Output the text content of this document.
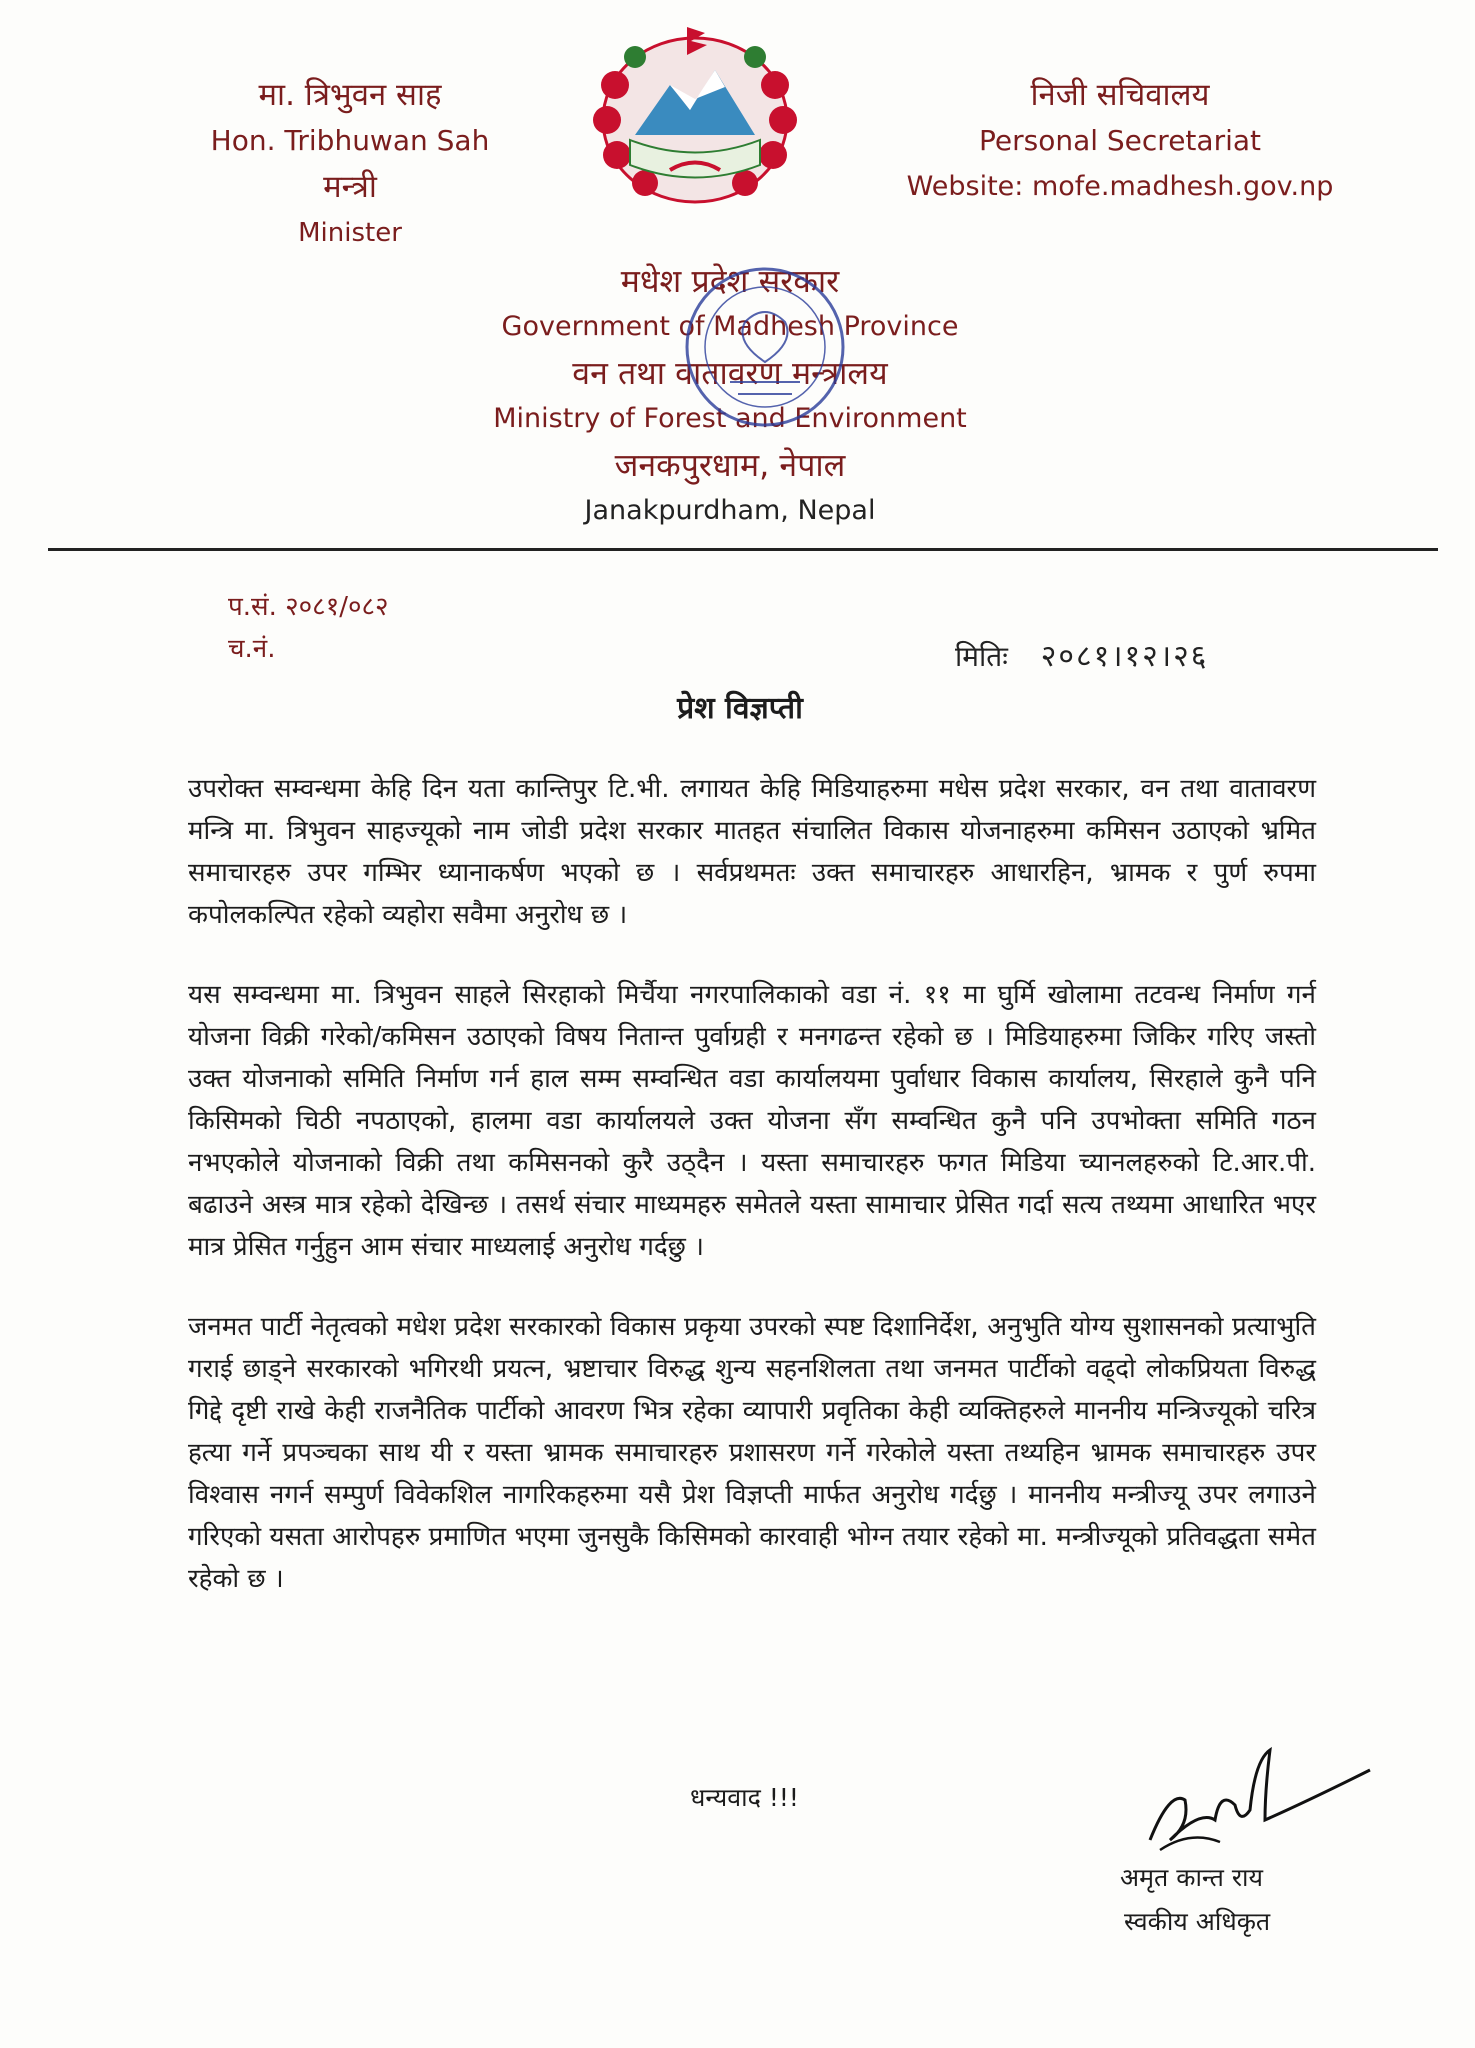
मा. त्रिभुवन साह
Hon. Tribhuwan Sah
मन्त्री
Minister
निजी सचिवालय
Personal Secretariat
Website: mofe.madhesh.gov.np
मधेश प्रदेश सरकार
Government of Madhesh Province
वन तथा वातावरण मन्त्रालय
Ministry of Forest and Environment
जनकपुरधाम, नेपाल
Janakpurdham, Nepal
प.सं. २०८१/०८२
च.नं.	मितिः २०८१।१२।२६
प्रेश विज्ञप्ती

उपरोक्त सम्वन्धमा केहि दिन यता कान्तिपुर टि.भी. लगायत केहि मिडियाहरुमा मधेस प्रदेश सरकार, वन तथा वातावरण मन्त्रि मा. त्रिभुवन साहज्यूको नाम जोडी प्रदेश सरकार मातहत संचालित विकास योजनाहरुमा कमिसन उठाएको भ्रमित समाचारहरु उपर गम्भिर ध्यानाकर्षण भएको छ । सर्वप्रथमतः उक्त समाचारहरु आधारहिन, भ्रामक र पुर्ण रुपमा कपोलकल्पित रहेको व्यहोरा सवैमा अनुरोध छ ।

यस सम्वन्धमा मा. त्रिभुवन साहले सिरहाको मिर्चैया नगरपालिकाको वडा नं. ११ मा घुर्मि खोलामा तटवन्ध निर्माण गर्न योजना विक्री गरेको/कमिसन उठाएको विषय नितान्त पुर्वाग्रही र मनगढन्त रहेको छ । मिडियाहरुमा जिकिर गरिए जस्तो उक्त योजनाको समिति निर्माण गर्न हाल सम्म सम्वन्धित वडा कार्यालयमा पुर्वाधार विकास कार्यालय, सिरहाले कुनै पनि किसिमको चिठी नपठाएको, हालमा वडा कार्यालयले उक्त योजना सँग सम्वन्धित कुनै पनि उपभोक्ता समिति गठन नभएकोले योजनाको विक्री तथा कमिसनको कुरै उठ्दैन । यस्ता समाचारहरु फगत मिडिया च्यानलहरुको टि.आर.पी. बढाउने अस्त्र मात्र रहेको देखिन्छ । तसर्थ संचार माध्यमहरु समेतले यस्ता सामाचार प्रेसित गर्दा सत्य तथ्यमा आधारित भएर मात्र प्रेसित गर्नुहुन आम संचार माध्यलाई अनुरोध गर्दछु ।

जनमत पार्टी नेतृत्वको मधेश प्रदेश सरकारको विकास प्रकृया उपरको स्पष्ट दिशानिर्देश, अनुभुति योग्य सुशासनको प्रत्याभुति गराई छाड्ने सरकारको भगिरथी प्रयत्न, भ्रष्टाचार विरुद्ध शुन्य सहनशिलता तथा जनमत पार्टीको वढ्दो लोकप्रियता विरुद्ध गिद्दे दृष्टी राखे केही राजनैतिक पार्टीको आवरण भित्र रहेका व्यापारी प्रवृतिका केही व्यक्तिहरुले माननीय मन्त्रिज्यूको चरित्र हत्या गर्ने प्रपञ्चका साथ यी र यस्ता भ्रामक समाचारहरु प्रशासरण गर्ने गरेकोले यस्ता तथ्यहिन भ्रामक समाचारहरु उपर विश्वास नगर्न सम्पुर्ण विवेकशिल नागरिकहरुमा यसै प्रेश विज्ञप्ती मार्फत अनुरोध गर्दछु । माननीय मन्त्रीज्यू उपर लगाउने गरिएको यसता आरोपहरु प्रमाणित भएमा जुनसुकै किसिमको कारवाही भोग्न तयार रहेको मा. मन्त्रीज्यूको प्रतिवद्धता समेत रहेको छ ।

धन्यवाद !!!
अमृत कान्त राय
स्वकीय अधिकृत
